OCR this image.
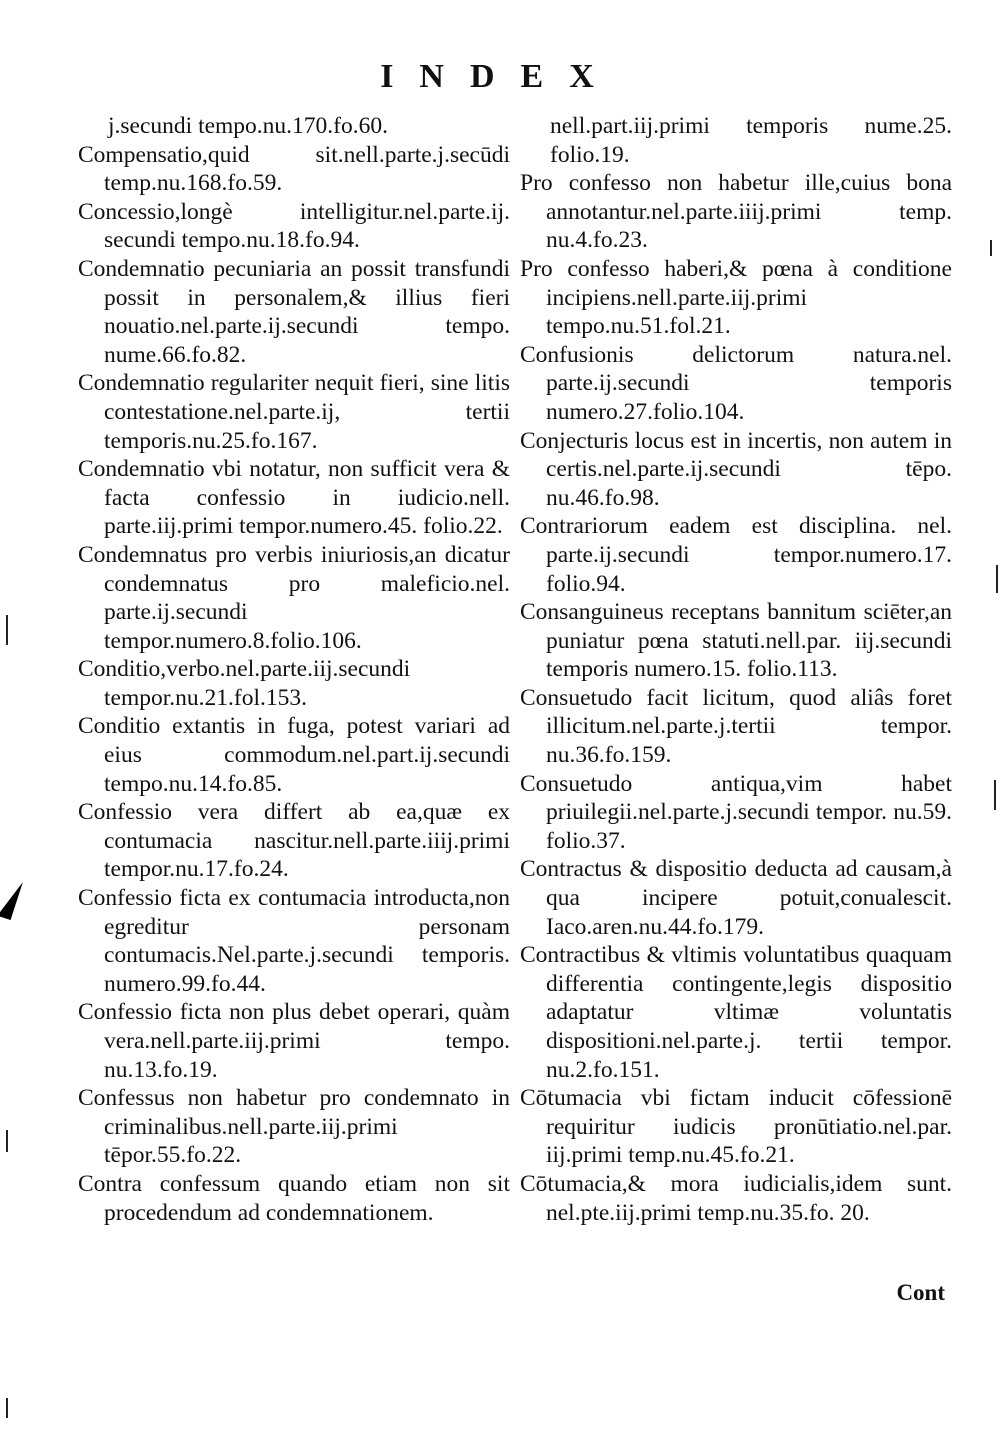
INDEX

j.secundi tempo.nu.170.fo.60.

Compensatio,quid sit.nell.parte.j.secūdi temp.nu.168.fo.59.

Concessio,longè intelligitur.nel.parte.ij. secundi tempo.nu.18.fo.94.

Condemnatio pecuniaria an possit transfundi possit in personalem,& illius fieri nouatio.nel.parte.ij.secundi tempo. nume.66.fo.82.

Condemnatio regulariter nequit fieri, sine litis contestatione.nel.parte.ij, tertii temporis.nu.25.fo.167.

Condemnatio vbi notatur, non sufficit vera & facta confessio in iudicio.nell. parte.iij.primi tempor.numero.45. folio.22.

Condemnatus pro verbis iniuriosis,an dicatur condemnatus pro maleficio.nel. parte.ij.secundi tempor.numero.8.folio.106.

Conditio,verbo.nel.parte.iij.secundi tempor.nu.21.fol.153.

Conditio extantis in fuga, potest variari ad eius commodum.nel.part.ij.secundi tempo.nu.14.fo.85.

Confessio vera differt ab ea,quæ ex contumacia nascitur.nell.parte.iiij.primi tempor.nu.17.fo.24.

Confessio ficta ex contumacia introducta,non egreditur personam contumacis.Nel.parte.j.secundi temporis. numero.99.fo.44.

Confessio ficta non plus debet operari, quàm vera.nell.parte.iij.primi tempo. nu.13.fo.19.

Confessus non habetur pro condemnato in criminalibus.nell.parte.iij.primi tēpor.55.fo.22.

Contra confessum quando etiam non sit procedendum ad condemnationem.

nell.part.iij.primi temporis nume.25. folio.19.

Pro confesso non habetur ille,cuius bona annotantur.nel.parte.iiij.primi temp. nu.4.fo.23.

Pro confesso haberi,& pœna à conditione incipiens.nell.parte.iij.primi tempo.nu.51.fol.21.

Confusionis delictorum natura.nel. parte.ij.secundi temporis numero.27.folio.104.

Conjecturis locus est in incertis, non autem in certis.nel.parte.ij.secundi tēpo. nu.46.fo.98.

Contrariorum eadem est disciplina. nel. parte.ij.secundi tempor.numero.17. folio.94.

Consanguineus receptans bannitum sciēter,an puniatur pœna statuti.nell.par. iij.secundi temporis numero.15. folio.113.

Consuetudo facit licitum, quod aliâs foret illicitum.nel.parte.j.tertii tempor. nu.36.fo.159.

Consuetudo antiqua,vim habet priuilegii.nel.parte.j.secundi tempor. nu.59. folio.37.

Contractus & dispositio deducta ad causam,à qua incipere potuit,conualescit. Iaco.aren.nu.44.fo.179.

Contractibus & vltimis voluntatibus quaquam differentia contingente,legis dispositio adaptatur vltimæ voluntatis dispositioni.nel.parte.j. tertii tempor. nu.2.fo.151.

Cōtumacia vbi fictam inducit cōfessionē requiritur iudicis pronūtiatio.nel.par. iij.primi temp.nu.45.fo.21.

Cōtumacia,& mora iudicialis,idem sunt. nel.pte.iij.primi temp.nu.35.fo. 20.

Cont
